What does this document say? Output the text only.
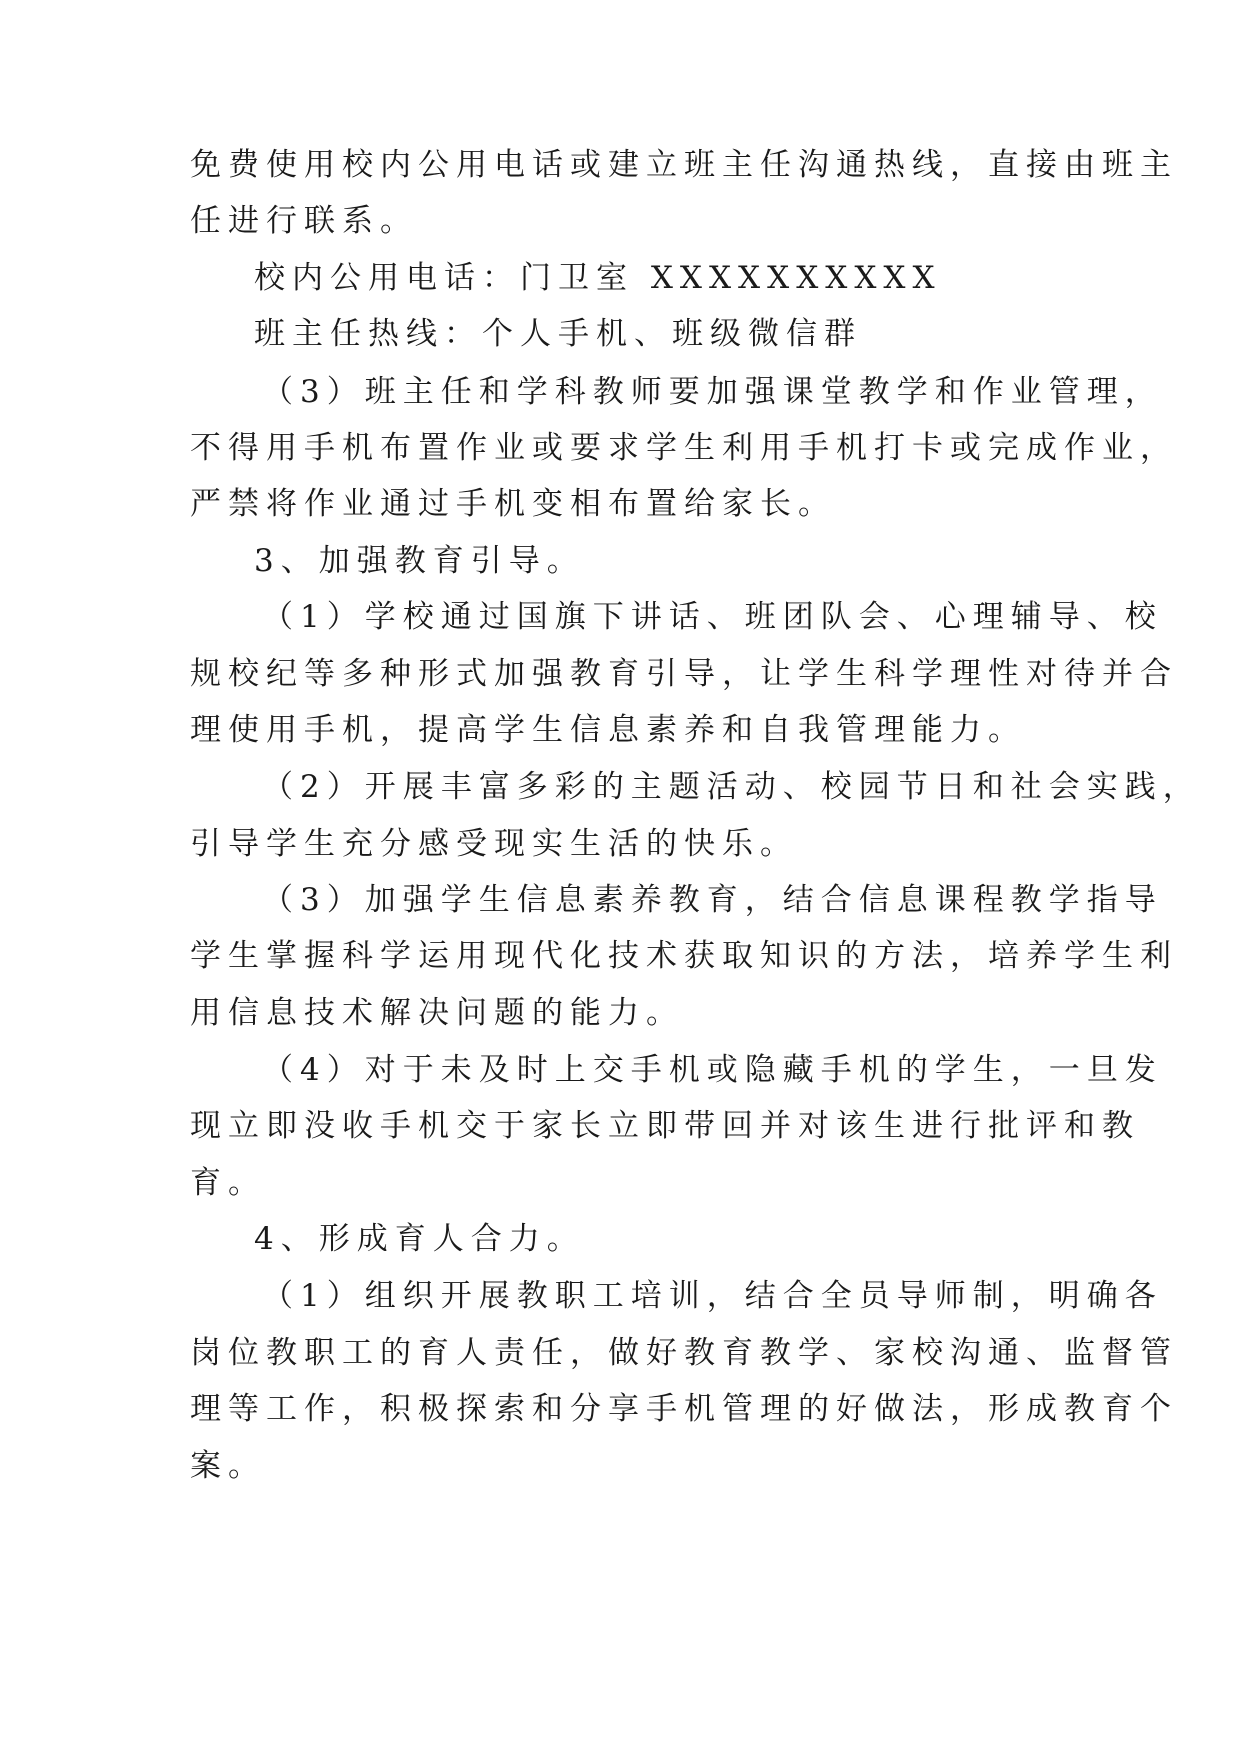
免费使用校内公用电话或建立班主任沟通热线，直接由班主
任进行联系。
校内公用电话：门卫室 XXXXXXXXXX
班主任热线：个人手机、班级微信群
（3）班主任和学科教师要加强课堂教学和作业管理，
不得用手机布置作业或要求学生利用手机打卡或完成作业，
严禁将作业通过手机变相布置给家长。
3、加强教育引导。
（1）学校通过国旗下讲话、班团队会、心理辅导、校
规校纪等多种形式加强教育引导，让学生科学理性对待并合
理使用手机，提高学生信息素养和自我管理能力。
（2）开展丰富多彩的主题活动、校园节日和社会实践，
引导学生充分感受现实生活的快乐。
（3）加强学生信息素养教育，结合信息课程教学指导
学生掌握科学运用现代化技术获取知识的方法，培养学生利
用信息技术解决问题的能力。
（4）对于未及时上交手机或隐藏手机的学生，一旦发
现立即没收手机交于家长立即带回并对该生进行批评和教
育。
4、形成育人合力。
（1）组织开展教职工培训，结合全员导师制，明确各
岗位教职工的育人责任，做好教育教学、家校沟通、监督管
理等工作，积极探索和分享手机管理的好做法，形成教育个
案。
